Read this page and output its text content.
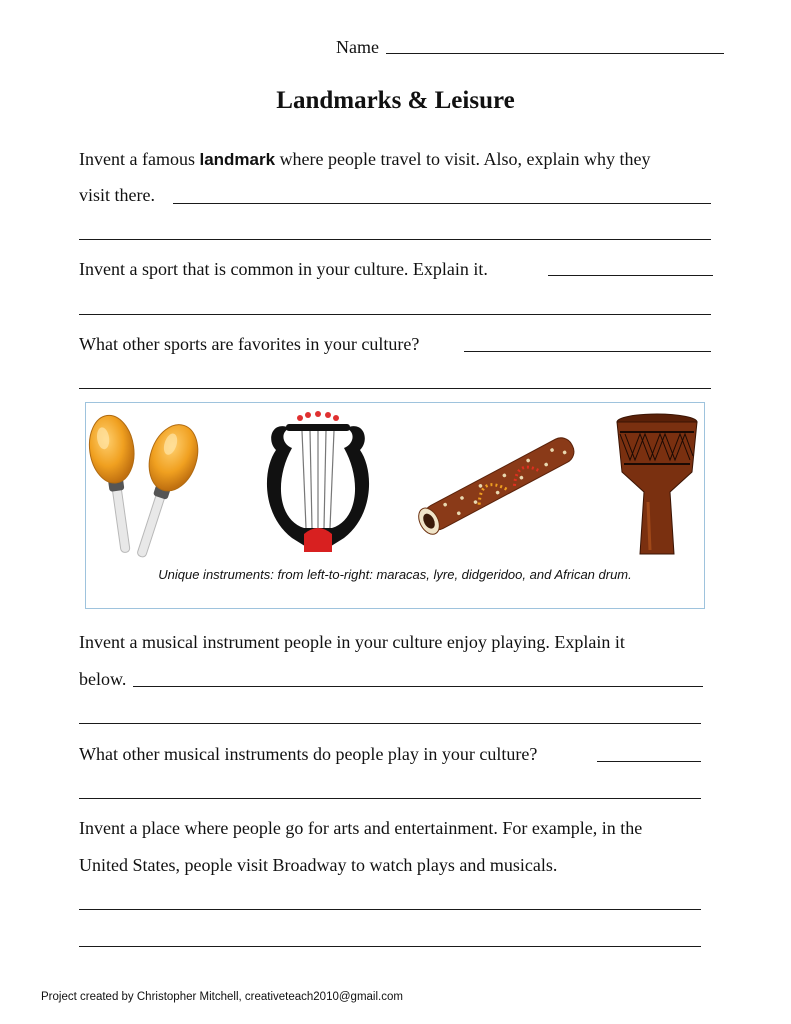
Name
Landmarks & Leisure
Invent a famous landmark where people travel to visit. Also, explain why they
visit there.
Invent a sport that is common in your culture. Explain it.
What other sports are favorites in your culture?
Unique instruments: from left-to-right: maracas, lyre, didgeridoo, and African drum.
Invent a musical instrument people in your culture enjoy playing. Explain it
below.
What other musical instruments do people play in your culture?
Invent a place where people go for arts and entertainment. For example, in the
United States, people visit Broadway to watch plays and musicals.
Project created by Christopher Mitchell, creativeteach2010@gmail.com
